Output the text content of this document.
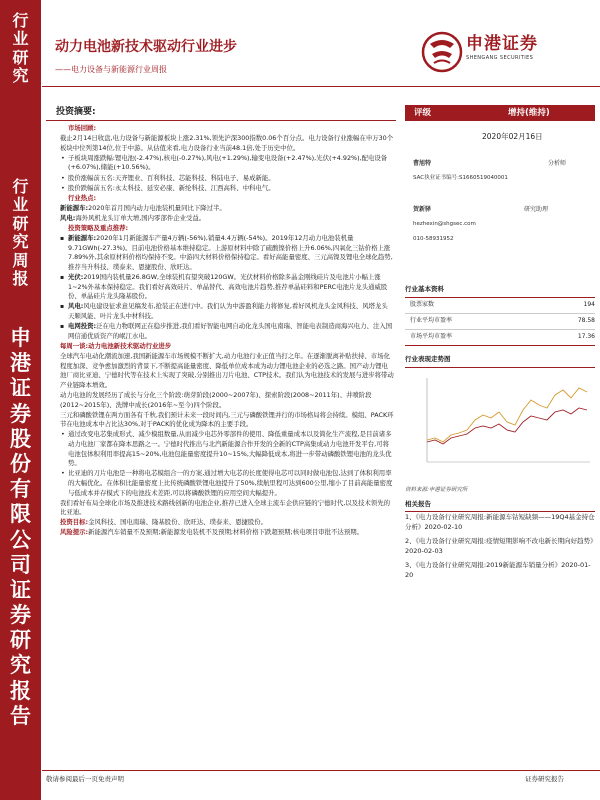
行
业
研
究
行
业
研
究
周
报
申
港
证
券
股
份
有
限
公
司
证
券
研
究
报
告
动力电池新技术驱动行业进步
——电力设备与新能源行业周报
申港证券
SHENGANG SECURITIES
投资摘要:

市场回顾:

截止2月14日收盘,电力设备与新能源板块上涨2.31%,领先沪深300指数0.06个百分点。电力设备行业涨幅在申万30个板块中位列第14位,位于中游。从估值来看,电力设备行业当前48.1倍,处于历史中位。

• 子板块周涨跌幅:锂电池(-2.47%),核电(-0.27%),风电(+1.29%),输变电设备(+2.47%),光伏(+4.92%),配电设备(+6.07%),储能(+10.56%)。

• 股价涨幅前五名:天齐锂业、百利科技、芯能科技、科陆电子、易成新能。

• 股价跌幅前五名:永太科技、延安必康、新纶科技、江西高科、中科电气。

行业热点:

新能源车:2020年首月国内动力电池装机量同比下降过半。

风电:海外风机龙头订单大增,国内零部件企业受益。

投资策略及重点推荐:

▪ 新能源车:2020年1月新能源车产量4万辆(-56%),销量4.4万辆(-54%)。2019年12月动力电池装机量9.71GWh(-27.3%)。目前电池价格基本维持稳定。上游原材料中除了硫酸镍价格上升6.06%,四氧化三钴价格上涨7.89%外,其余原材料价格均保持不变。中游四大材料价格保持稳定。看好高能量密度、三元高镍及锂电全球化趋势,推荐当升科技、璞泰来、恩捷股份、欣旺达。

▪ 光伏:2019国内装机量26.8GW,全球装机有望突破120GW。光伏材料价格除多晶金刚线硅片及电池片小幅上涨1~2%外基本保持稳定。我们看好高效硅片、单晶替代、高效电池片趋势,推荐单晶硅料和PERC电池片龙头通威股份、单晶硅片龙头隆基股份。

▪ 风电:风电建设征求意见稿发布,抢装正在进行中。我们认为中游盈利能力将修复,看好风机龙头金风科技、风塔龙头天顺风能、叶片龙头中材科技。

▪ 电网投资:泛在电力物联网正在稳步推进,我们看好智能电网自动化龙头国电南瑞、智能电表制造商海兴电力、注入国网信通优质资产的岷江水电。

每周一谈:动力电池新技术驱动行业进步

全球汽车电动化潮流加速,我国新能源车市场规模不断扩大,动力电池行业正值当打之年。在逐渐脱离补贴扶持、市场化程度加深、竞争愈加激烈的背景下,不断提高能量密度、降低单位成本成为动力锂电池企业的必选之路。国产动力锂电池厂商比亚迪、宁德时代等在技术上实现了突破,分别推出刀片电池、CTP技术。我们认为电池技术的发展与进步将带动产业链降本增效。

动力电池的发展经历了成长与分化三个阶段:萌芽阶段(2000~2007年)、探索阶段(2008~2011年)、井喷阶段(2012~2015年)、洗牌中成长(2016年~至今)四个阶段。

三元和磷酸铁锂在两方面各有千秋,我们预计未来一段时间内,三元与磷酸铁锂并行的市场格局将会持续。模组、PACK环节在电池成本中占比达30%,对于PACK的优化成为降本的主要手段。

• 通过改变电芯集成形式、减少模组数量,从而减少电芯外零部件的使用、降低重量成本以及简化生产流程,是目前诸多动力电池厂家都在降本思路之一。宁德时代推出与北汽新能源合作开发的全新的CTP高集成动力电池开发平台,可将电池包体积利用率提高15~20%,电池包能量密度提升10~15%,大幅降低成本,将进一步带动磷酸铁锂电池的龙头优势。

• 比亚迪的刀片电池是一种将电芯模组合一的方案,通过增大电芯的长度使得电芯可以同时做电池包,达到了体积利用率的大幅优化。在体积比能量密度上比传统磷酸铁锂电池提升了50%,续航里程可达到600公里,缩小了目前高能量密度与低成本并存模式下的电池技术差距,可以将磷酸铁锂的应用空间大幅提升。

我们看好布局全球化市场及推进技术路线创新的电池企业,推荐已进入全球主流车企供应链的宁德时代,以及技术领先的比亚迪。

投资目标:金风科技、国电南瑞、隆基股份、欣旺达、璞泰来、恩捷股份。

风险提示:新能源汽车销量不及预期;新能源发电装机不及预期;材料价格下跌超预期;核电项目审批不达预期。

评级	增持(维持)
2020年02月16日
曹旭特	分析师
SAC执业证书编号:S1660519040001
贺新驿	研究助理
hezhexin@shgsec.com
010-58931952
行业基本资料
股票家数	194
行业平均市盈率	78.58
市场平均市盈率	17.36
行业表现走势图
资料来源:申港证券研究所
相关报告

1、《电力设备行业研究周报:新能源车钴短缺频——19Q4基金持仓分析》2020-02-10

2、《电力设备行业研究周报:疫情短期影响不改电新长期向好趋势》2020-02-03

3、《电力设备行业研究周报:2019新能源车销量分析》2020-01-20

敬请参阅最后一页免责声明	证券研究报告
